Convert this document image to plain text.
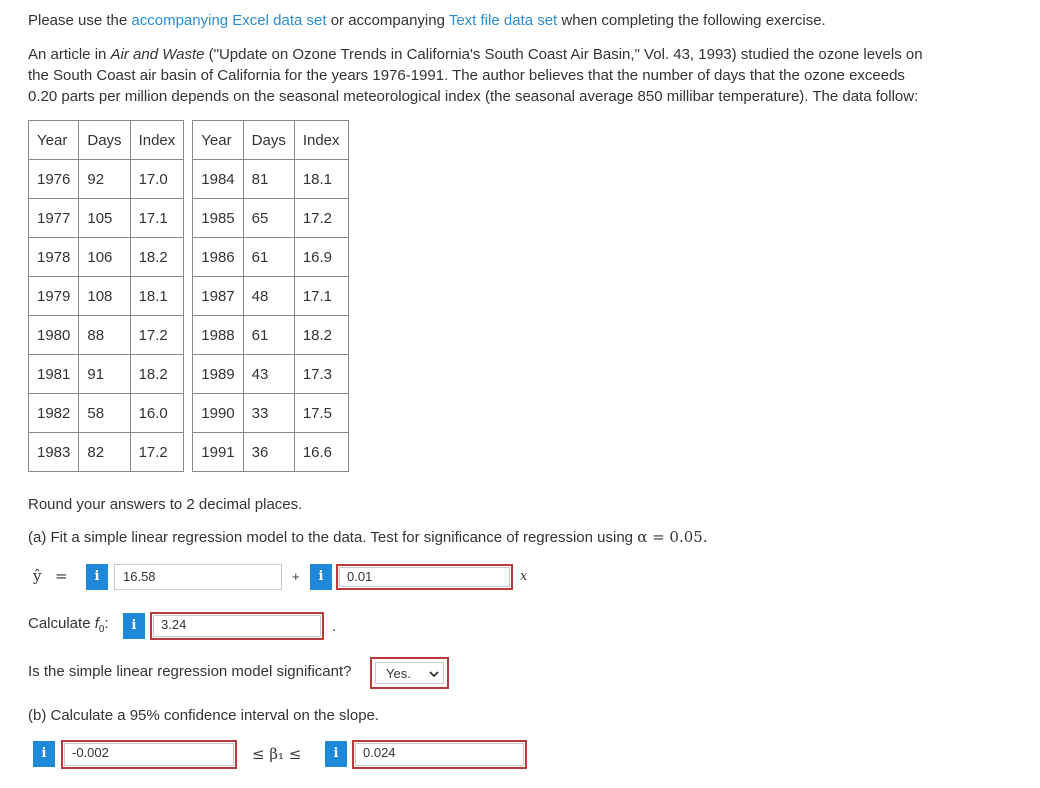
Please use the accompanying Excel data set or accompanying Text file data set when completing the following exercise.

An article in Air and Waste ("Update on Ozone Trends in California's South Coast Air Basin," Vol. 43, 1993) studied the ozone levels on
the South Coast air basin of California for the years 1976-1991. The author believes that the number of days that the ozone exceeds
0.20 parts per million depends on the seasonal meteorological index (the seasonal average 850 millibar temperature). The data follow:

Year	Days	Index		Year	Days	Index
1976	92	17.0		1984	81	18.1
1977	105	17.1		1985	65	17.2
1978	106	18.2		1986	61	16.9
1979	108	18.1		1987	48	17.1
1980	88	17.2		1988	61	18.2
1981	91	18.2		1989	43	17.3
1982	58	16.0		1990	33	17.5
1983	82	17.2		1991	36	16.6

Round your answers to 2 decimal places.

(a) Fit a simple linear regression model to the data. Test for significance of regression using α = 0.05.

ŷ =	i	16.58	+	i	0.01	x
Calculate $f_0$:	i	3.24	.
Is the simple linear regression model significant?	Yes.

(b) Calculate a 95% confidence interval on the slope.

i	-0.002	≤ β₁ ≤	i	0.024
